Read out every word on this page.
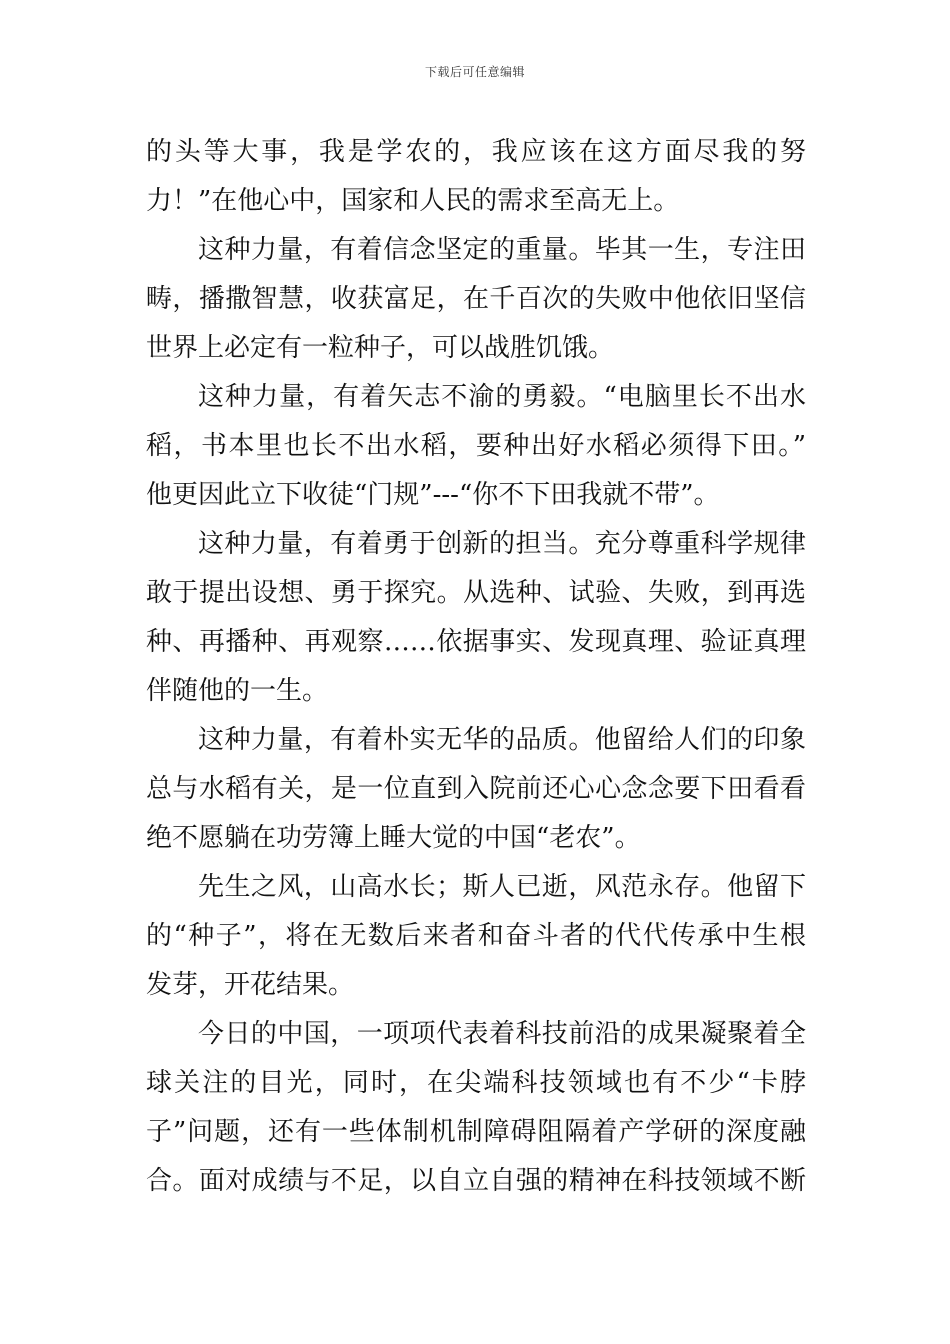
下载后可任意编辑
的头等大事，我是学农的，我应该在这方面尽我的努
力！”在他心中，国家和人民的需求至高无上。
这种力量，有着信念坚定的重量。毕其一生，专注田
畴，播撒智慧，收获富足，在千百次的失败中他依旧坚信
世界上必定有一粒种子，可以战胜饥饿。
这种力量，有着矢志不渝的勇毅。“电脑里长不出水
稻，书本里也长不出水稻，要种出好水稻必须得下田。”
他更因此立下收徒“门规”---“你不下田我就不带”。
这种力量，有着勇于创新的担当。充分尊重科学规律
敢于提出设想、勇于探究。从选种、试验、失败，到再选
种、再播种、再观察……依据事实、发现真理、验证真理
伴随他的一生。
这种力量，有着朴实无华的品质。他留给人们的印象
总与水稻有关，是一位直到入院前还心心念念要下田看看
绝不愿躺在功劳簿上睡大觉的中国“老农”。
先生之风，山高水长；斯人已逝，风范永存。他留下
的“种子”，将在无数后来者和奋斗者的代代传承中生根
发芽，开花结果。
今日的中国，一项项代表着科技前沿的成果凝聚着全
球关注的目光，同时，在尖端科技领域也有不少“卡脖
子”问题，还有一些体制机制障碍阻隔着产学研的深度融
合。面对成绩与不足，以自立自强的精神在科技领域不断
